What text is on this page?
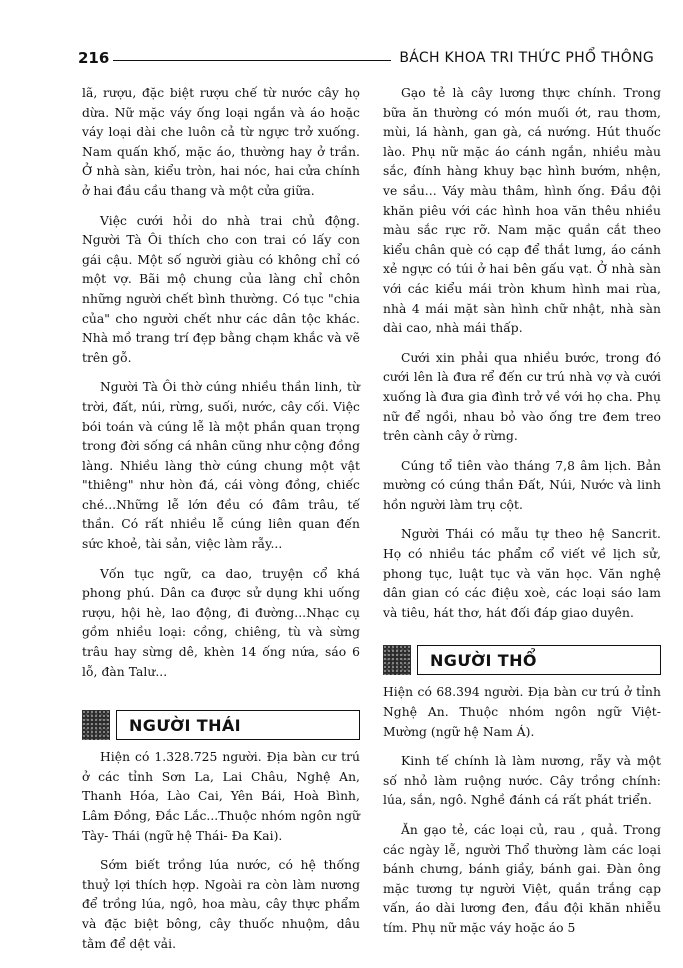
216	BÁCH KHOA TRI THỨC PHỔ THÔNG

lã, rượu, đặc biệt rượu chế từ nước cây họ dừa. Nữ mặc váy ống loại ngắn và áo hoặc váy loại dài che luôn cả từ ngực trở xuống. Nam quấn khố, mặc áo, thường hay ở trần. Ở nhà sàn, kiểu tròn, hai nóc, hai cửa chính ở hai đầu cầu thang và một cửa giữa.

Việc cưới hỏi do nhà trai chủ động. Người Tà Ôi thích cho con trai có lấy con gái cậu. Một số người giàu có không chỉ có một vợ. Bãi mộ chung của làng chỉ chôn những người chết bình thường. Có tục "chia của" cho người chết như các dân tộc khác. Nhà mồ trang trí đẹp bằng chạm khắc và vẽ trên gỗ.

Người Tà Ôi thờ cúng nhiều thần linh, từ trời, đất, núi, rừng, suối, nước, cây cối. Việc bói toán và cúng lễ là một phần quan trọng trong đời sống cá nhân cũng như cộng đồng làng. Nhiều làng thờ cúng chung một vật "thiêng" như hòn đá, cái vòng đồng, chiếc ché...Những lễ lớn đều có đâm trâu, tế thần. Có rất nhiều lễ cúng liên quan đến sức khoẻ, tài sản, việc làm rẫy...

Vốn tục ngữ, ca dao, truyện cổ khá phong phú. Dân ca được sử dụng khi uống rượu, hội hè, lao động, đi đường...Nhạc cụ gồm nhiều loại: cồng, chiêng, tù và sừng trâu hay sừng dê, khèn 14 ống nứa, sáo 6 lỗ, đàn Talư...

NGƯỜI THÁI

Hiện có 1.328.725 người. Địa bàn cư trú ở các tỉnh Sơn La, Lai Châu, Nghệ An, Thanh Hóa, Lào Cai, Yên Bái, Hoà Bình, Lâm Đồng, Đắc Lắc...Thuộc nhóm ngôn ngữ Tày- Thái (ngữ hệ Thái- Đa Kai).

Sớm biết trồng lúa nước, có hệ thống thuỷ lợi thích hợp. Ngoài ra còn làm nương để trồng lúa, ngô, hoa màu, cây thực phẩm và đặc biệt bông, cây thuốc nhuộm, dâu tằm để dệt vải.

Gạo tẻ là cây lương thực chính. Trong bữa ăn thường có món muối ớt, rau thơm, mùi, lá hành, gan gà, cá nướng. Hút thuốc lào. Phụ nữ mặc áo cánh ngắn, nhiều màu sắc, đính hàng khuy bạc hình bướm, nhện, ve sầu... Váy màu thâm, hình ống. Đầu đội khăn piêu với các hình hoa văn thêu nhiều màu sắc rực rỡ. Nam mặc quần cắt theo kiểu chân què có cạp để thắt lưng, áo cánh xẻ ngực có túi ở hai bên gấu vạt. Ở nhà sàn với các kiểu mái tròn khum hình mai rùa, nhà 4 mái mặt sàn hình chữ nhật, nhà sàn dài cao, nhà mái thấp.

Cưới xin phải qua nhiều bước, trong đó cưới lên là đưa rể đến cư trú nhà vợ và cưới xuống là đưa gia đình trở về với họ cha. Phụ nữ để ngồi, nhau bỏ vào ống tre đem treo trên cành cây ở rừng.

Cúng tổ tiên vào tháng 7,8 âm lịch. Bản mường có cúng thần Đất, Núi, Nước và linh hồn người làm trụ cột.

Người Thái có mẫu tự theo hệ Sancrit. Họ có nhiều tác phẩm cổ viết về lịch sử, phong tục, luật tục và văn học. Văn nghệ dân gian có các điệu xoè, các loại sáo lam và tiêu, hát thơ, hát đối đáp giao duyên.

NGƯỜI THỔ

Hiện có 68.394 người. Địa bàn cư trú ở tỉnh Nghệ An. Thuộc nhóm ngôn ngữ Việt- Mường (ngữ hệ Nam Á).

Kinh tế chính là làm nương, rẫy và một số nhỏ làm ruộng nước. Cây trồng chính: lúa, sắn, ngô. Nghề đánh cá rất phát triển.

Ăn gạo tẻ, các loại củ, rau , quả. Trong các ngày lễ, người Thổ thường làm các loại bánh chưng, bánh giầy, bánh gai. Đàn ông mặc tương tự người Việt, quần trắng cạp vấn, áo dài lương đen, đầu đội khăn nhiễu tím. Phụ nữ mặc váy hoặc áo 5
